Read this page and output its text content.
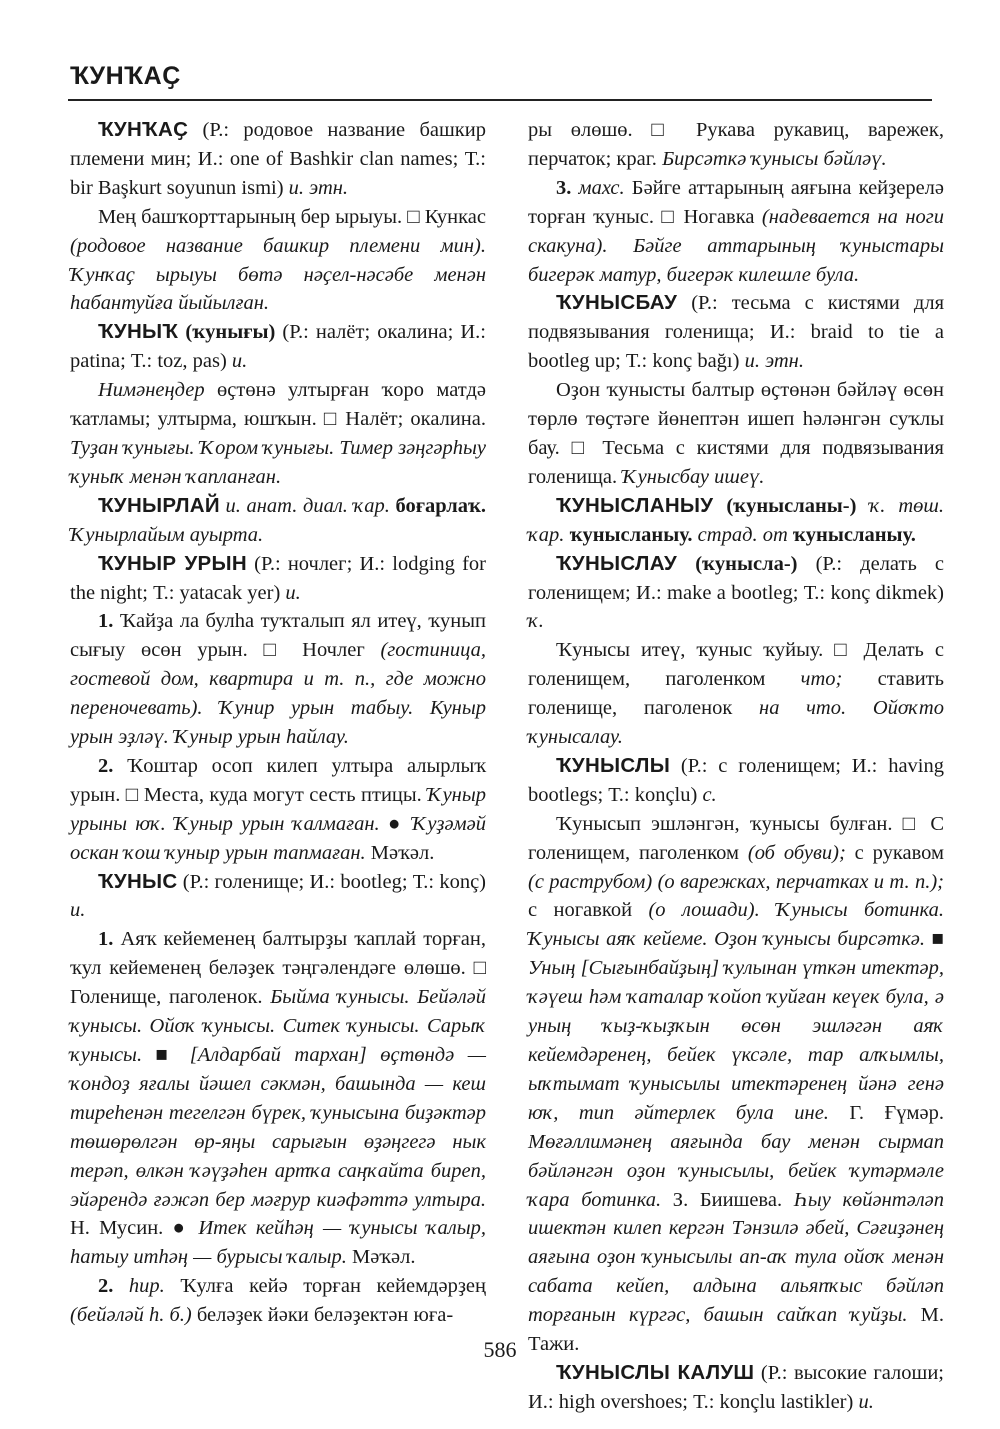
ҠУНҠАҪ

ҠУНҠАҪ (Р.: родовое название башкир племени мин; И.: one of Bashkir clan names; Т.: bir Başkurt soyunun ismi) и. этн.

Мең башҡорттарының бер ырыуы. □ Кункас (родовое название башкир племени мин). Ҡунҡаҫ ырыуы бөтә нәҫел-нәсәбе менән һабантуйға йыйылған.

ҠУНЫҠ (ҡунығы) (Р.: налёт; окалина; И.: patina; Т.: toz, pas) и.

Нимәнеңдер өҫтөнә ултырған ҡоро матдә ҡатламы; ултырма, юшҡын. □ Налёт; окалина. Туҙан ҡунығы. Ҡором ҡунығы. Тимер зәңгәрһыу ҡуныҡ менән ҡапланған.

ҠУНЫРЛАЙ и. анат. диал. ҡар. боғарлаҡ. Ҡунырлайым ауырта.

ҠУНЫР УРЫН (Р.: ночлег; И.: lodging for the night; Т.: yatacak yer) и.

1. Ҡайҙа ла булһа туҡталып ял итеү, ҡунып сығыу өсөн урын. □ Ночлег (гостиница, гостевой дом, квартира и т. п., где можно переночевать). Ҡунир урын табыу. Куныр урын эҙләү. Ҡуныр урын һайлау.

2. Ҡоштар осоп килеп ултыра алырлыҡ урын. □ Места, куда могут сесть птицы. Ҡуныр урыны юҡ. Ҡуныр урын ҡалмаған. ● Ҡуҙәмәй оскан ҡош ҡуныр урын тапмаған. Мәҡәл.

ҠУНЫС (Р.: голенище; И.: bootleg; Т.: konç) и.

1. Аяҡ кейеменең балтырҙы ҡаплай торған, ҡул кейеменең беләҙек тәңгәлендәге өлөшө. □ Голенище, паголенок. Быйма ҡунысы. Бейәләй ҡунысы. Ойоҡ ҡунысы. Ситек ҡунысы. Сарыҡ ҡунысы. ■ [Алдарбай тархан] өҫтөндә — ҡондоҙ яғалы йәшел сәкмән, башында — кеш тиреһенән тегелгән бүрек, ҡунысына биҙәктәр төшөрөлгән өр-яңы сарығын өҙәңгегә нык терәп, өлкән ҡәүҙәһен артҡа саңҡайта биреп, эйәрендә ғәжәп бер мәғрур киәфәттә ултыра. Н. Мусин. ● Итек кейһәң — ҡунысы ҡалыр, һатыу итһәң — бурысы ҡалыр. Мәҡәл.

2. һир. Ҡулға кейә торған кейемдәрҙең (бейәләй һ. б.) беләҙек йәки беләҙектән юға-

ры өлөшө. □ Рукава рукавиц, варежек, перчаток; краг. Бирсәткә ҡунысы бәйләү.

3. махс. Бәйге аттарының аяғына кейҙерелә торған ҡуныс. □ Ногавка (надевается на ноги скакуна). Бәйге аттарының ҡуныстары бигерәк матур, бигерәк килешле була.

ҠУНЫСБАУ (Р.: тесьма с кистями для подвязывания голенища; И.: braid to tie a bootleg up; Т.: konç bağı) и. этн.

Оҙон ҡунысты балтыр өҫтөнән бәйләү өсөн төрлө төҫтәге йөнептән ишеп һәләнгән суҡлы бау. □ Тесьма с кистями для подвязывания голенища. Ҡунысбау ишеү.

ҠУНЫСЛАНЫУ (ҡунысланы-) ҡ. төш. ҡар. ҡунысланыу. страд. от ҡунысланыу.

ҠУНЫСЛАУ (ҡунысла-) (Р.: делать с голенищем; И.: make a bootleg; Т.: konç dikmek) ҡ.

Ҡунысы итеү, ҡуныс ҡуйыу. □ Делать с голенищем, паголенком что; ставить голенище, паголенок на что. Ойоҡто ҡунысалау.

ҠУНЫСЛЫ (Р.: с голенищем; И.: having bootlegs; Т.: konçlu) с.

Ҡунысып эшләнгән, ҡунысы булған. □ С голенищем, паголенком (об обуви); с рукавом (с раструбом) (о варежках, перчатках и т. п.); с ногавкой (о лошади). Ҡунысы ботинка. Ҡунысы аяҡ кейеме. Оҙон ҡунысы бирсәткә. ■ Уның [Сығынбайҙың] ҡулынан үткән итектәр, ҡәүеш һәм ҡаталар ҡойоп ҡуйған кеүек була, ә уның ҡыҙ-ҡыҙҡын өсөн эшләгән аяҡ кейемдәренең, бейек үксәле, тар алҡымлы, ыҡтымат ҡунысылы итектәренең йәнә генә юҡ, тип әйтерлек була ине. Г. Ғүмәр. Мөғәллимәнең аяғында бау менән сырмап бәйләнгән оҙон ҡунысылы, бейек ҡутәрмәле ҡара ботинка. З. Биишева. Һыу көйәнтәләп ишектән килеп кергән Тәнзилә әбей, Сәғиҙәнең аяғына оҙон ҡунысылы ап-аҡ тула ойоҡ менән сабата кейеп, алдына альяпҡыс бәйләп торғанын күргәс, башын сайҡап ҡуйҙы. М. Тажи.

ҠУНЫСЛЫ КАЛУШ (Р.: высокие галоши; И.: high overshoes; Т.: konçlu lastikler) и.

586
